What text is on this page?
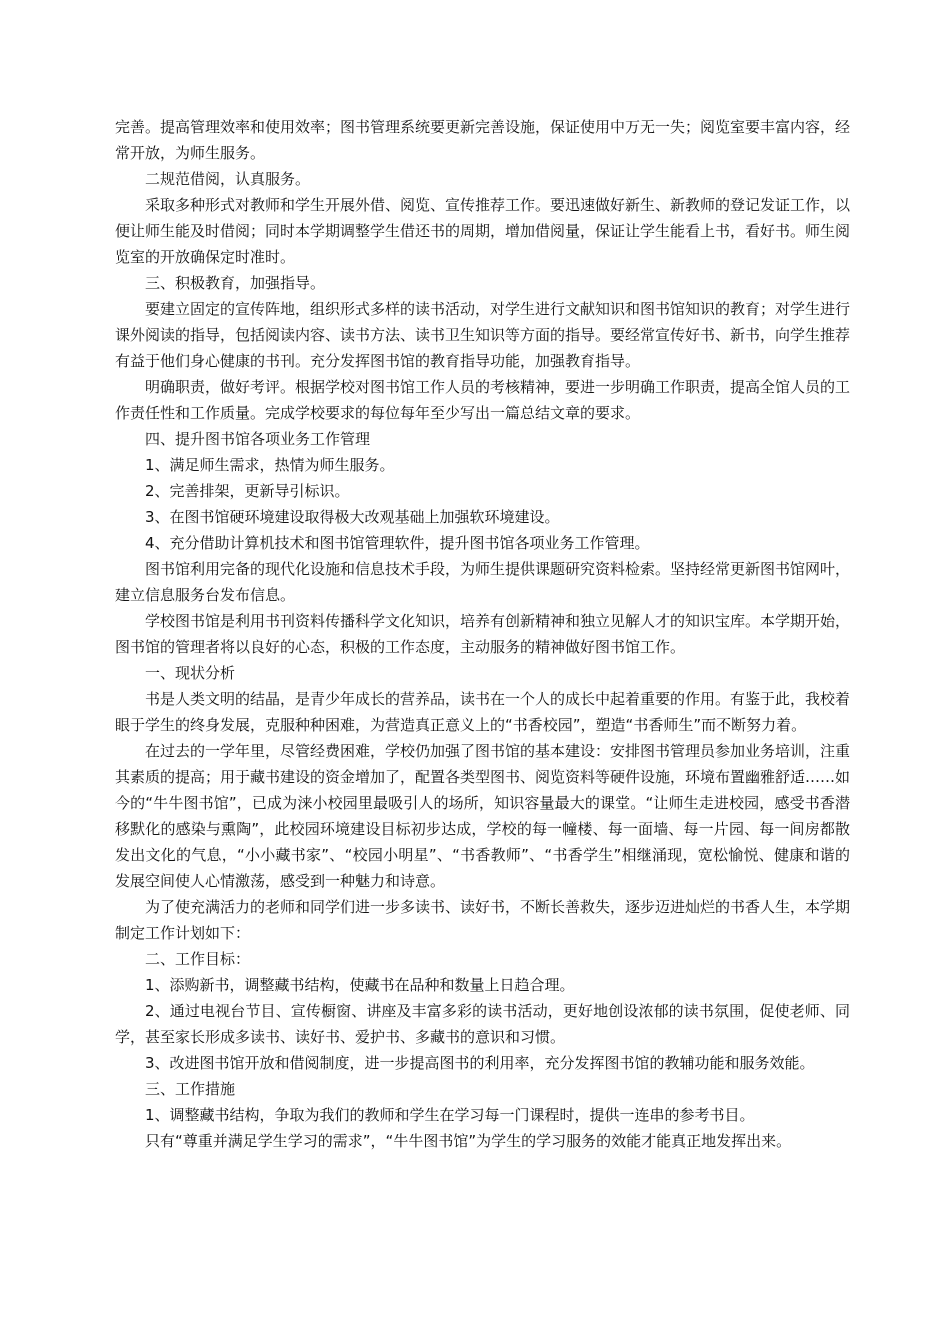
完善。提高管理效率和使用效率；图书管理系统要更新完善设施，保证使用中万无一失；阅览室要丰富内容，经常开放，为师生服务。

二规范借阅，认真服务。

采取多种形式对教师和学生开展外借、阅览、宣传推荐工作。要迅速做好新生、新教师的登记发证工作，以便让师生能及时借阅；同时本学期调整学生借还书的周期，增加借阅量，保证让学生能看上书，看好书。师生阅览室的开放确保定时准时。

三、积极教育，加强指导。

要建立固定的宣传阵地，组织形式多样的读书活动，对学生进行文献知识和图书馆知识的教育；对学生进行课外阅读的指导，包括阅读内容、读书方法、读书卫生知识等方面的指导。要经常宣传好书、新书，向学生推荐有益于他们身心健康的书刊。充分发挥图书馆的教育指导功能，加强教育指导。

明确职责，做好考评。根据学校对图书馆工作人员的考核精神，要进一步明确工作职责，提高全馆人员的工作责任性和工作质量。完成学校要求的每位每年至少写出一篇总结文章的要求。

四、提升图书馆各项业务工作管理

1、满足师生需求，热情为师生服务。

2、完善排架，更新导引标识。

3、在图书馆硬环境建设取得极大改观基础上加强软环境建设。

4、充分借助计算机技术和图书馆管理软件，提升图书馆各项业务工作管理。

图书馆利用完备的现代化设施和信息技术手段，为师生提供课题研究资料检索。坚持经常更新图书馆网叶，建立信息服务台发布信息。

学校图书馆是利用书刊资料传播科学文化知识，培养有创新精神和独立见解人才的知识宝库。本学期开始，图书馆的管理者将以良好的心态，积极的工作态度，主动服务的精神做好图书馆工作。

一、现状分析

书是人类文明的结晶，是青少年成长的营养品，读书在一个人的成长中起着重要的作用。有鉴于此，我校着眼于学生的终身发展，克服种种困难，为营造真正意义上的“书香校园”，塑造“书香师生”而不断努力着。

在过去的一学年里，尽管经费困难，学校仍加强了图书馆的基本建设：安排图书管理员参加业务培训，注重其素质的提高；用于藏书建设的资金增加了，配置各类型图书、阅览资料等硬件设施，环境布置幽雅舒适……如今的“牛牛图书馆”，已成为涞小校园里最吸引人的场所，知识容量最大的课堂。“让师生走进校园，感受书香潜移默化的感染与熏陶”，此校园环境建设目标初步达成，学校的每一幢楼、每一面墙、每一片园、每一间房都散发出文化的气息，“小小藏书家”、“校园小明星”、“书香教师”、“书香学生”相继涌现，宽松愉悦、健康和谐的发展空间使人心情激荡，感受到一种魅力和诗意。

为了使充满活力的老师和同学们进一步多读书、读好书，不断长善救失，逐步迈进灿烂的书香人生，本学期制定工作计划如下：

二、工作目标：

1、添购新书，调整藏书结构，使藏书在品种和数量上日趋合理。

2、通过电视台节目、宣传橱窗、讲座及丰富多彩的读书活动，更好地创设浓郁的读书氛围，促使老师、同学，甚至家长形成多读书、读好书、爱护书、多藏书的意识和习惯。

3、改进图书馆开放和借阅制度，进一步提高图书的利用率，充分发挥图书馆的教辅功能和服务效能。

三、工作措施

1、调整藏书结构，争取为我们的教师和学生在学习每一门课程时，提供一连串的参考书目。

只有“尊重并满足学生学习的需求”，“牛牛图书馆”为学生的学习服务的效能才能真正地发挥出来。
